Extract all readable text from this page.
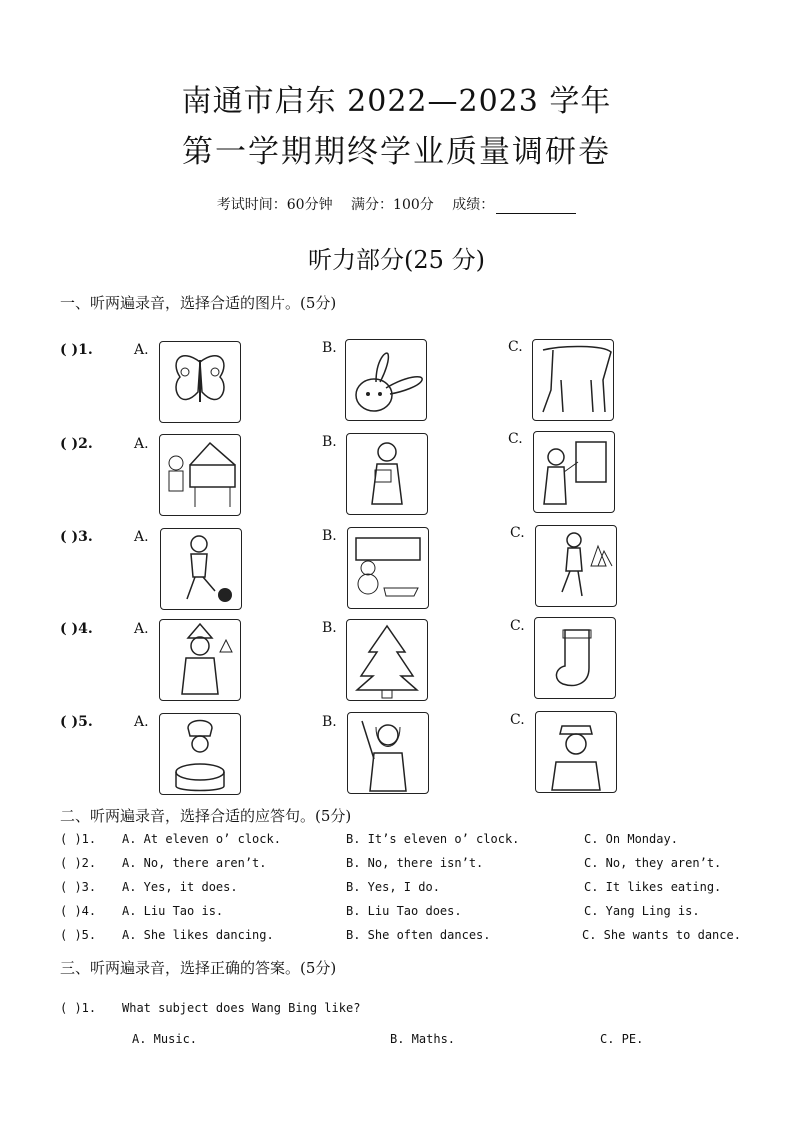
南通市启东 2022—2023 学年
第一学期期终学业质量调研卷
考试时间：60分钟 满分：100分 成绩：
听力部分(25 分)
一、听两遍录音，选择合适的图片。(5分)
( )1.	A.	B.	C.
( )2.	A.	B.	C.
( )3.	A.	B.	C.
( )4.	A.	B.	C.
( )5.	A.	B.	C.
二、听两遍录音，选择合适的应答句。(5分)
( )1. A. At eleven o’ clock.	B. It’s eleven o’ clock.	C. On Monday.
( )2. A. No, there aren’t.	B. No, there isn’t.	C. No, they aren’t.
( )3. A. Yes, it does.	B. Yes, I do.	C. It likes eating.
( )4. A. Liu Tao is.	B. Liu Tao does.	C. Yang Ling is.
( )5. A. She likes dancing.	B. She often dances.	C. She wants to dance.
三、听两遍录音，选择正确的答案。(5分)
( )1. What subject does Wang Bing like?
A. Music.	B. Maths.	C. PE.
